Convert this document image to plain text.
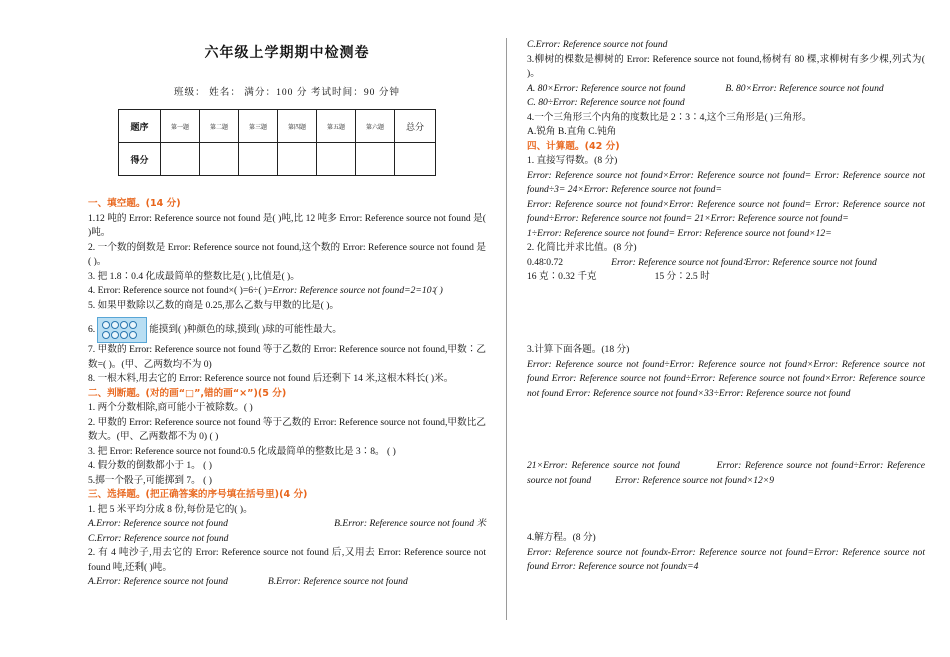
六年级上学期期中检测卷
班级： 姓名： 满分：100 分 考试时间：90 分钟
题序	第一题	第二题	第三题	第四题	第五题	第六题	总分
得分							
一、填空题。(14 分)

1.12 吨的 Error: Reference source not found 是( )吨,比 12 吨多 Error: Reference source not found 是( )吨。

2. 一个数的倒数是 Error: Reference source not found,这个数的 Error: Reference source not found 是( )。

3. 把 1.8∶0.4 化成最简单的整数比是( ),比值是( )。

4. Error: Reference source not found×( )=6÷( )=Error: Reference source not found=2=10∶( )

5. 如果甲数除以乙数的商是 0.25,那么乙数与甲数的比是( )。

6.	能摸到( )种颜色的球,摸到( )球的可能性最大。

7. 甲数的 Error: Reference source not found 等于乙数的 Error: Reference source not found,甲数∶乙数=( )。(甲、乙两数均不为 0)

8. 一根木料,用去它的 Error: Reference source not found 后还剩下 14 米,这根木料长( )米。

二、判断题。(对的画“□”,错的画“×”)(5 分)

1. 两个分数相除,商可能小于被除数。( )

2. 甲数的 Error: Reference source not found 等于乙数的 Error: Reference source not found,甲数比乙数大。(甲、乙两数都不为 0) ( )

3. 把 Error: Reference source not found∶0.5 化成最简单的整数比是 3∶8。 ( )

4. 假分数的倒数都小于 1。 ( )

5.掷一个骰子,可能掷到 7。 ( )

三、选择题。(把正确答案的序号填在括号里)(4 分)

1. 把 5 米平均分成 8 份,每份是它的( )。

A.Error: Reference source not found	B.Error: Reference source not found 米

C.Error: Reference source not found

2. 有 4 吨沙子,用去它的 Error: Reference source not found 后,又用去 Error: Reference source not found 吨,还剩( )吨。

A.Error: Reference source not found	B.Error: Reference source not found

C.Error: Reference source not found

3.柳树的棵数是柳树的 Error: Reference source not found,杨树有 80 棵,求柳树有多少棵,列式为( )。

A. 80×Error: Reference source not found	B. 80×Error: Reference source not found

C. 80÷Error: Reference source not found

4.一个三角形三个内角的度数比是 2∶3∶4,这个三角形是( )三角形。

A.锐角 B.直角 C.钝角

四、计算题。(42 分)

1. 直接写得数。(8 分)

Error: Reference source not found×Error: Reference source not found= Error: Reference source not found÷3= 24×Error: Reference source not found=

Error: Reference source not found×Error: Reference source not found= Error: Reference source not found÷Error: Reference source not found= 21×Error: Reference source not found=

1÷Error: Reference source not found= Error: Reference source not found×12=

2. 化简比并求比值。(8 分)

0.48∶0.72	Error: Reference source not found∶Error: Reference source not found
16 克∶0.32 千克	15 分∶2.5 时

3.计算下面各题。(18 分)

Error: Reference source not found÷Error: Reference source not found×Error: Reference source not found Error: Reference source not found÷Error: Reference source not found×Error: Reference source not found Error: Reference source not found×33÷Error: Reference source not found

21×Error: Reference source not found	Error: Reference source not found÷Error: Reference source not found Error: Reference source not found×12×9

4.解方程。(8 分)

Error: Reference source not foundx-Error: Reference source not found=Error: Reference source not found Error: Reference source not foundx=4
